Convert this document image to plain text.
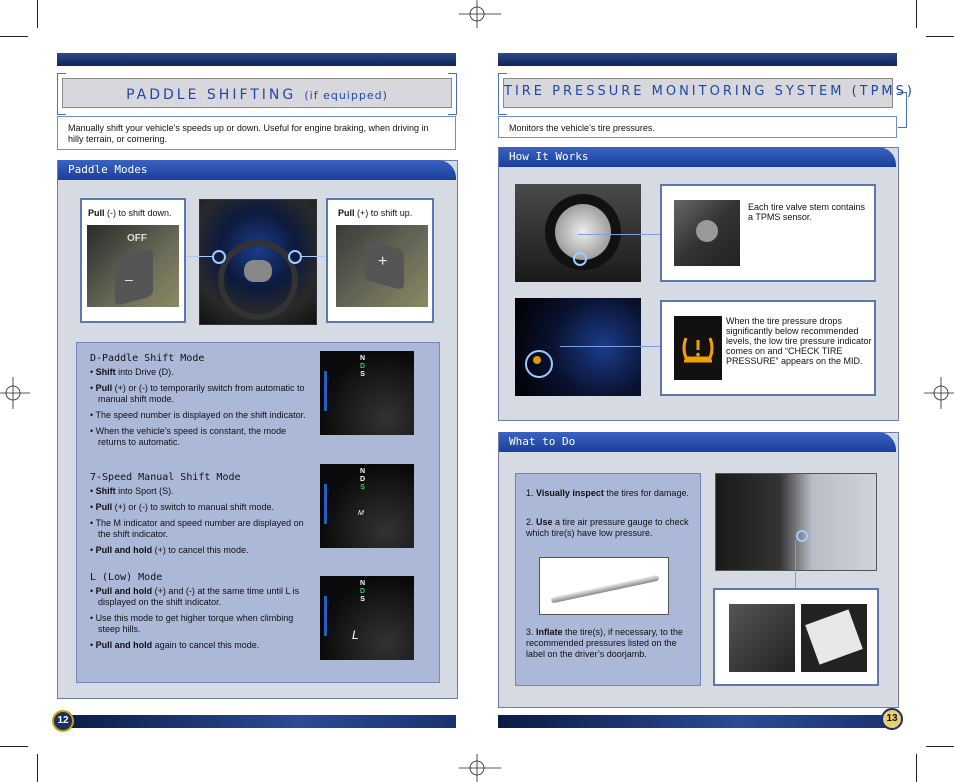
PADDLE SHIFTING (if equipped)
Manually shift your vehicle’s speeds up or down. Useful for engine braking, when driving in hilly terrain, or cornering.
Paddle Modes
Pull (-) to shift down.
OFF
–
Pull (+) to shift up.
+
D-Paddle Shift Mode
• Shift into Drive (D).
• Pull (+) or (-) to temporarily switch from automatic to manual shift mode.
• The speed number is displayed on the shift indicator.
• When the vehicle’s speed is constant, the mode returns to automatic.
7-Speed Manual Shift Mode
• Shift into Sport (S).
• Pull (+) or (-) to switch to manual shift mode.
• The M indicator and speed number are displayed on the shift indicator.
• Pull and hold (+) to cancel this mode.
L (Low) Mode
• Pull and hold (+) and (-) at the same time until L is displayed on the shift indicator.
• Use this mode to get higher torque when climbing steep hills.
• Pull and hold again to cancel this mode.
N
D
S
N
D
S
M
N
D
S
L
12
TIRE PRESSURE MONITORING SYSTEM (TPMS)
Monitors the vehicle’s tire pressures.
How It Works
Each tire valve stem contains a TPMS sensor.
When the tire pressure drops significantly below recommended levels, the low tire pressure indicator comes on and “CHECK TIRE PRESSURE” appears on the MID.
What to Do
1. Visually inspect the tires for damage.
2. Use a tire air pressure gauge to check which tire(s) have low pressure.
3. Inflate the tire(s), if necessary, to the recommended pressures listed on the label on the driver’s doorjamb.
13
